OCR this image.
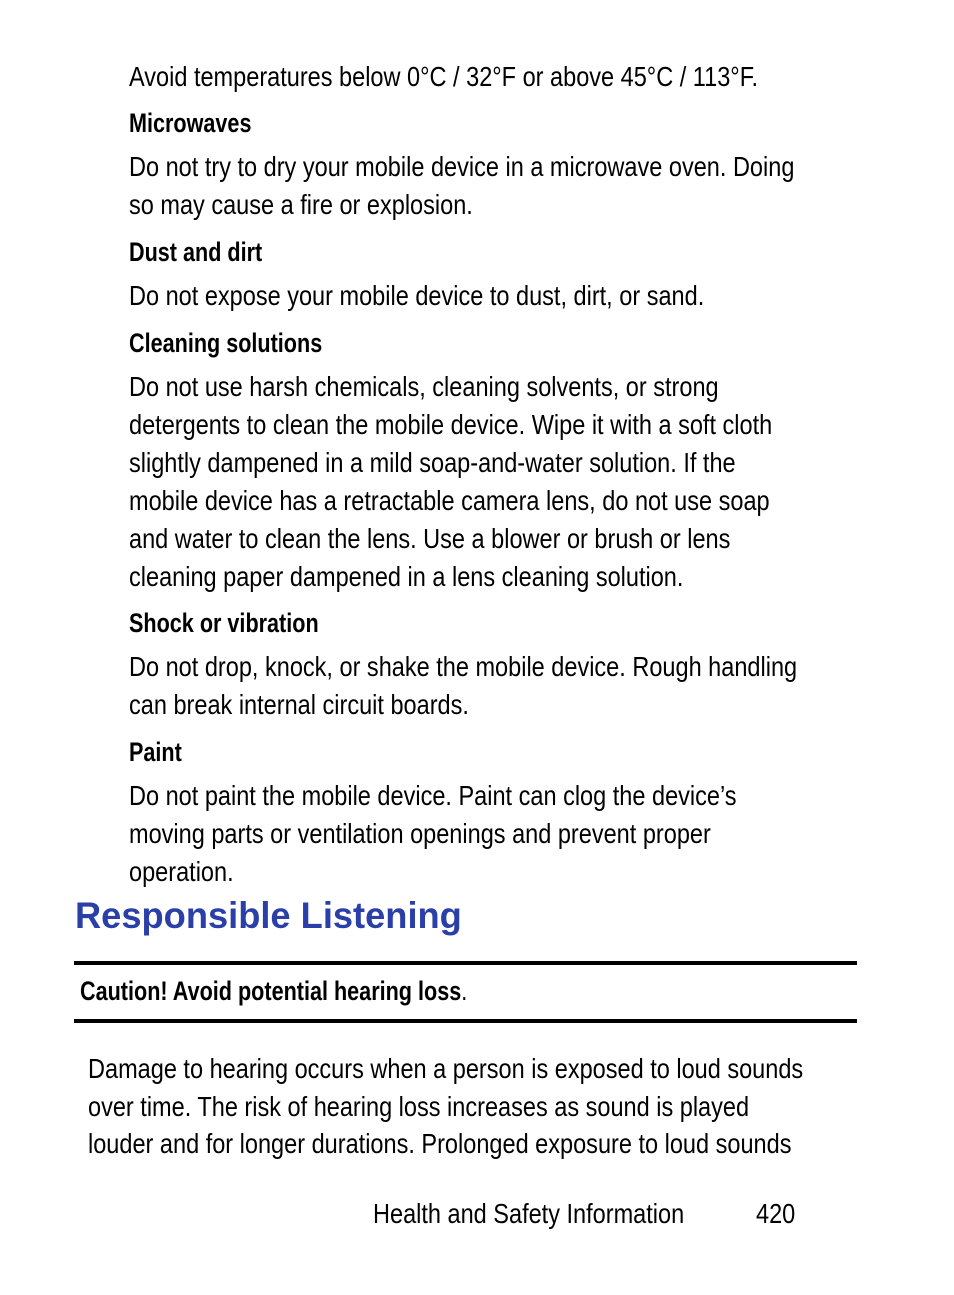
Avoid temperatures below 0°C / 32°F or above 45°C / 113°F.
Microwaves
Do not try to dry your mobile device in a microwave oven. Doing
so may cause a fire or explosion.
Dust and dirt
Do not expose your mobile device to dust, dirt, or sand.
Cleaning solutions
Do not use harsh chemicals, cleaning solvents, or strong
detergents to clean the mobile device. Wipe it with a soft cloth
slightly dampened in a mild soap-and-water solution. If the
mobile device has a retractable camera lens, do not use soap
and water to clean the lens. Use a blower or brush or lens
cleaning paper dampened in a lens cleaning solution.
Shock or vibration
Do not drop, knock, or shake the mobile device. Rough handling
can break internal circuit boards.
Paint
Do not paint the mobile device. Paint can clog the device’s
moving parts or ventilation openings and prevent proper
operation.
Responsible Listening
Caution! Avoid potential hearing loss.
Damage to hearing occurs when a person is exposed to loud sounds
over time. The risk of hearing loss increases as sound is played
louder and for longer durations. Prolonged exposure to loud sounds
Health and Safety Information	420
